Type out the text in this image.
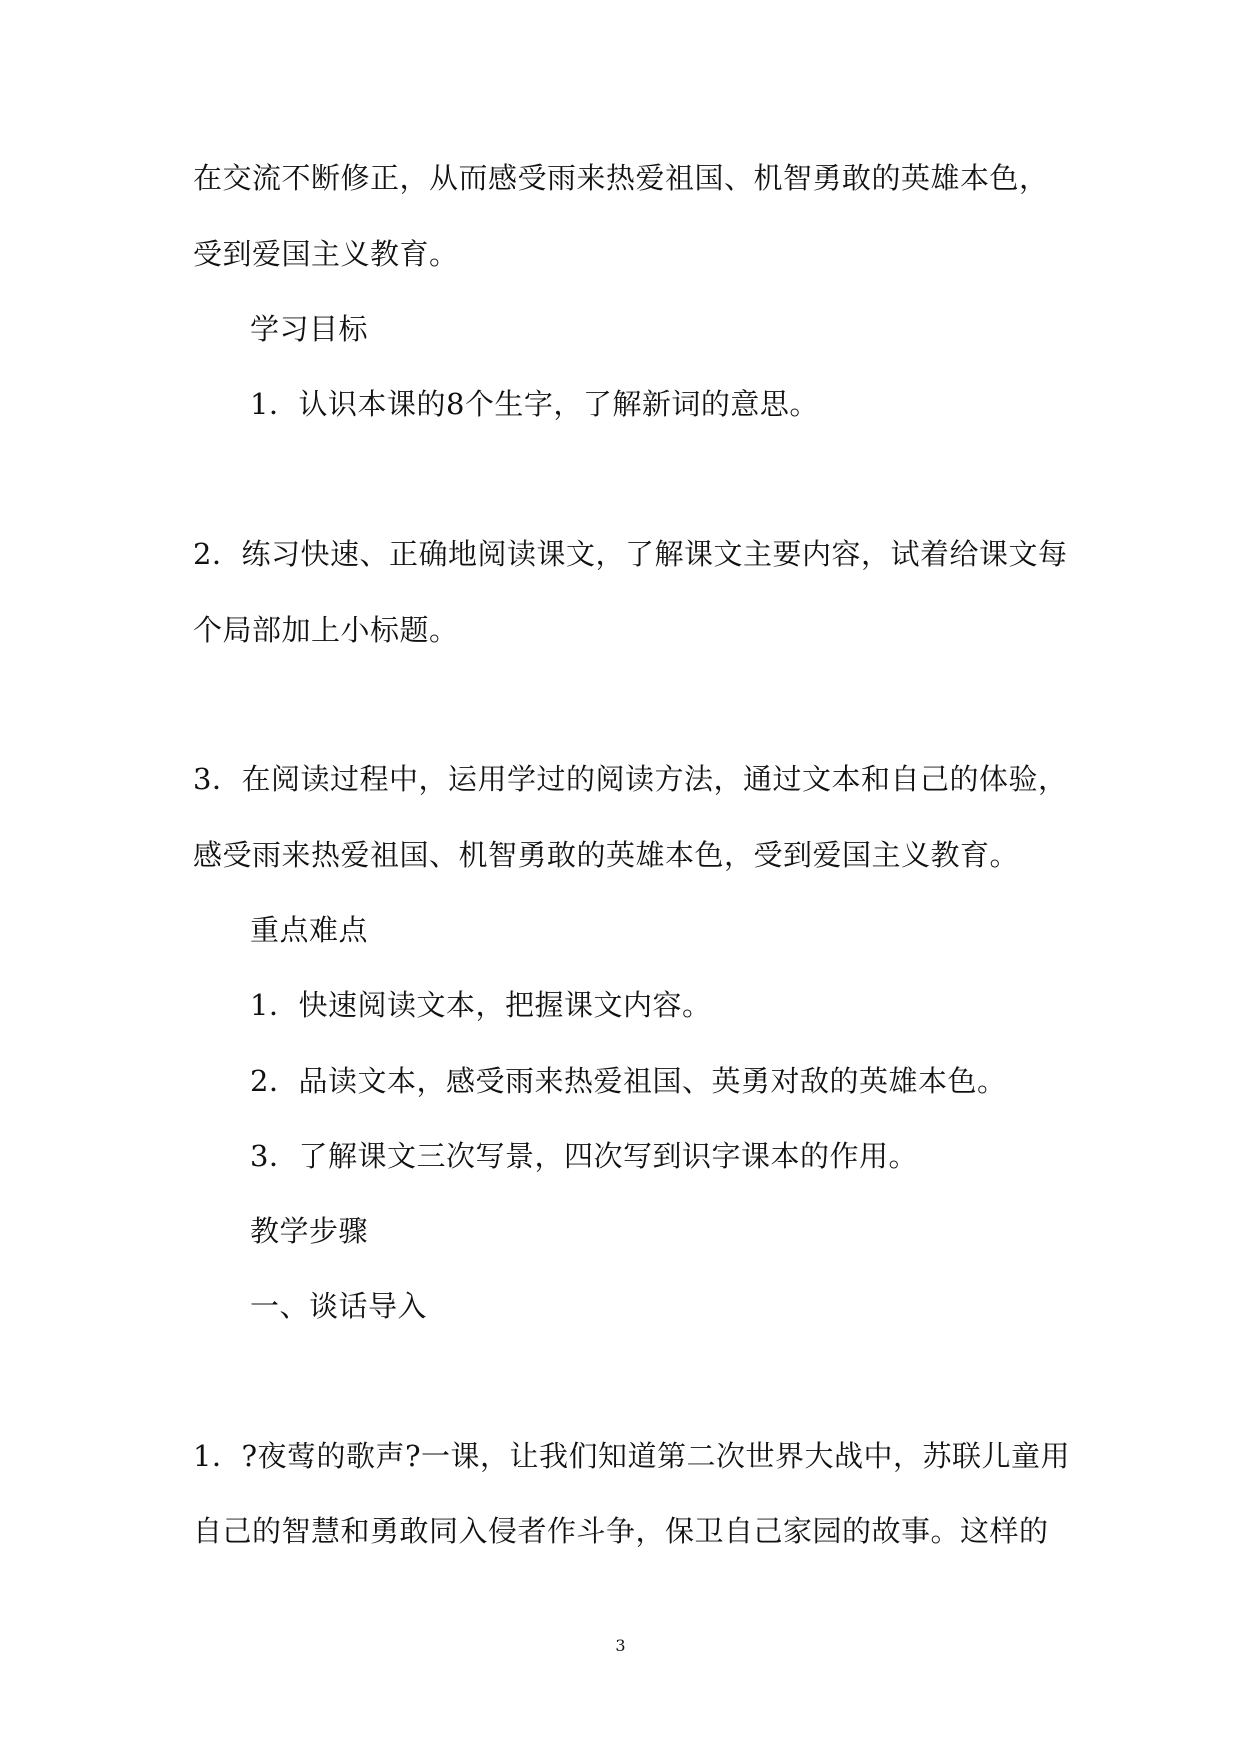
在交流不断修正，从而感受雨来热爱祖国、机智勇敢的英雄本色，
受到爱国主义教育。
学习目标
1．认识本课的8个生字，了解新词的意思。
2．练习快速、正确地阅读课文，了解课文主要内容，试着给课文每
个局部加上小标题。
3．在阅读过程中，运用学过的阅读方法，通过文本和自己的体验，
感受雨来热爱祖国、机智勇敢的英雄本色，受到爱国主义教育。
重点难点
1．快速阅读文本，把握课文内容。
2．品读文本，感受雨来热爱祖国、英勇对敌的英雄本色。
3．了解课文三次写景，四次写到识字课本的作用。
教学步骤
一、谈话导入
1．?夜莺的歌声?一课，让我们知道第二次世界大战中，苏联儿童用
自己的智慧和勇敢同入侵者作斗争，保卫自己家园的故事。这样的
3
